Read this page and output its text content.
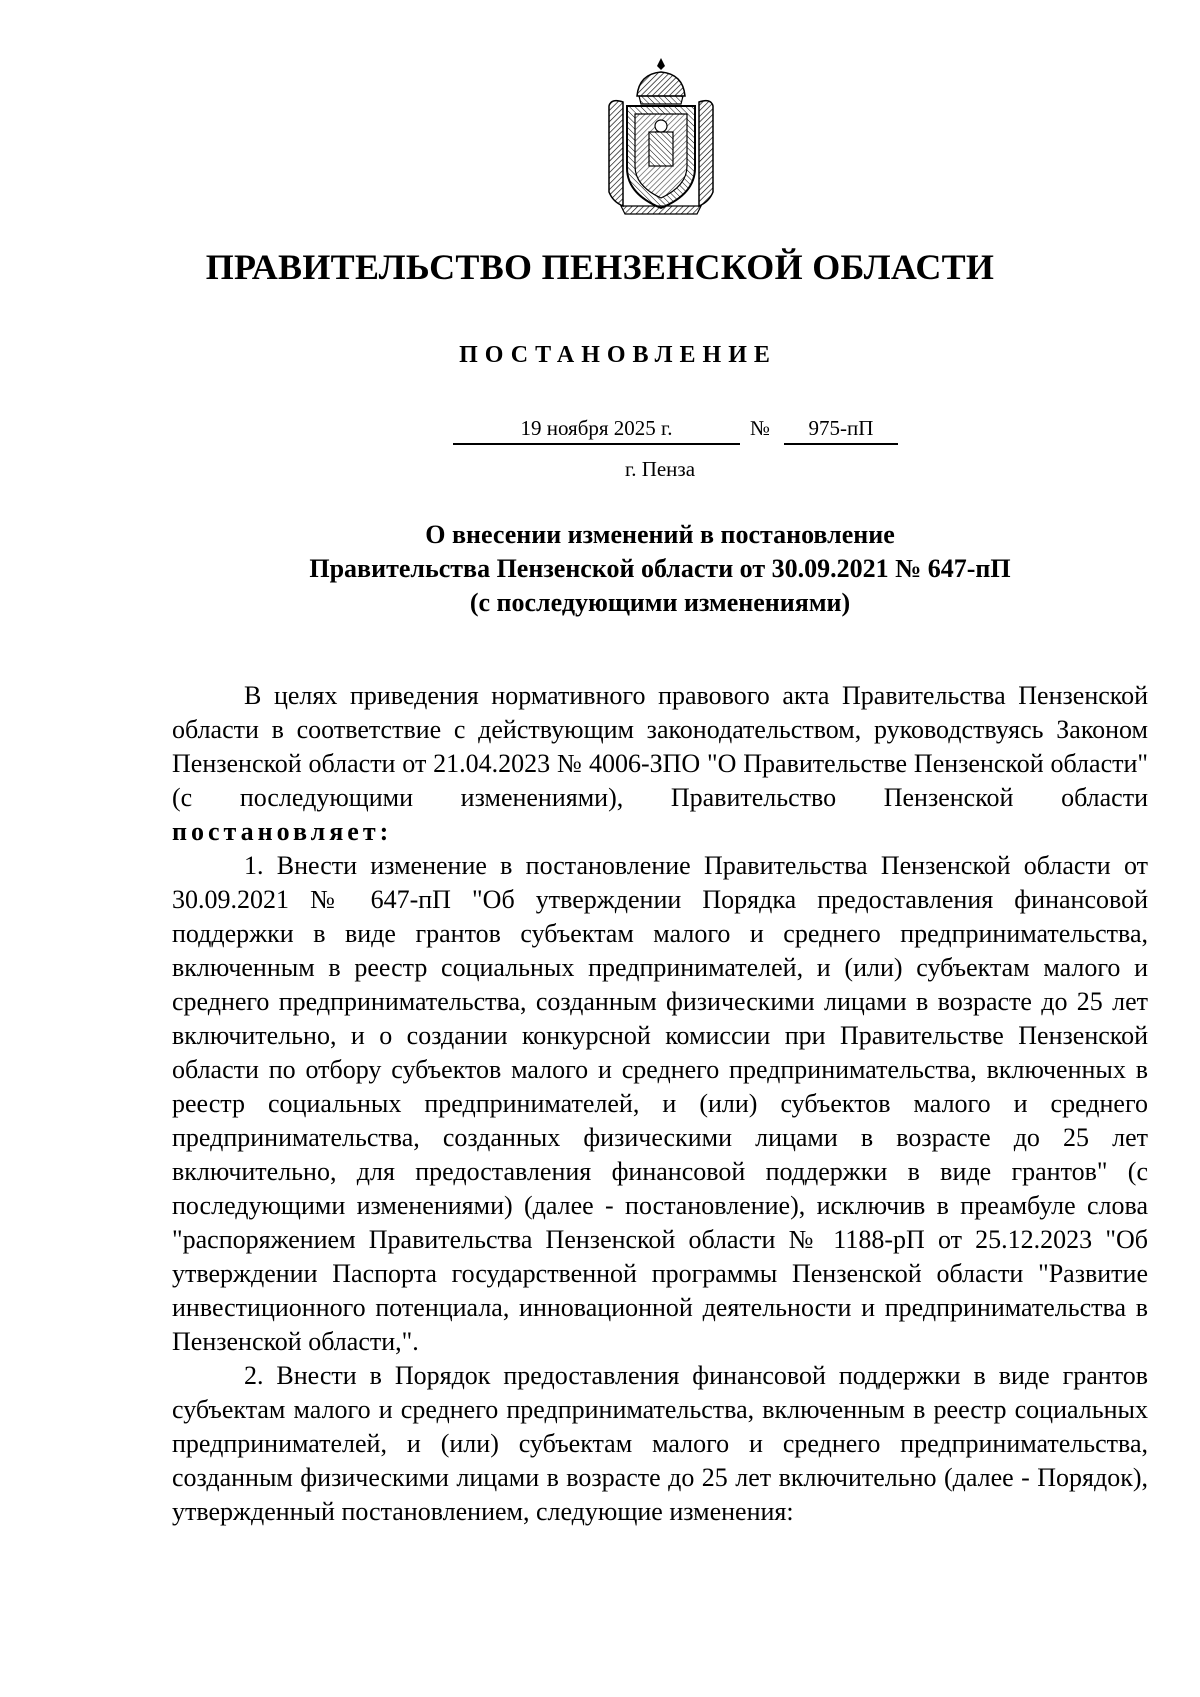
ПРАВИТЕЛЬСТВО ПЕНЗЕНСКОЙ ОБЛАСТИ
ПОСТАНОВЛЕНИЕ
19 ноября 2025 г.	№	975-пП
г. Пенза
О внесении изменений в постановление
Правительства Пензенской области от 30.09.2021 № 647-пП
(с последующими изменениями)

В целях приведения нормативного правового акта Правительства Пензенской области в соответствие с действующим законодательством, руководствуясь Законом Пензенской области от 21.04.2023 № 4006-ЗПО "О Правительстве Пензенской области" (с последующими изменениями), Правительство Пензенской области постановляет:

1. Внести изменение в постановление Правительства Пензенской области от 30.09.2021 № 647-пП "Об утверждении Порядка предоставления финансовой поддержки в виде грантов субъектам малого и среднего предпринимательства, включенным в реестр социальных предпринимателей, и (или) субъектам малого и среднего предпринимательства, созданным физическими лицами в возрасте до 25 лет включительно, и о создании конкурсной комиссии при Правительстве Пензенской области по отбору субъектов малого и среднего предпринимательства, включенных в реестр социальных предпринимателей, и (или) субъектов малого и среднего предпринимательства, созданных физическими лицами в возрасте до 25 лет включительно, для предоставления финансовой поддержки в виде грантов" (с последующими изменениями) (далее - постановление), исключив в преамбуле слова "распоряжением Правительства Пензенской области № 1188-рП от 25.12.2023 "Об утверждении Паспорта государственной программы Пензенской области "Развитие инвестиционного потенциала, инновационной деятельности и предпринимательства в Пензенской области,".

2. Внести в Порядок предоставления финансовой поддержки в виде грантов субъектам малого и среднего предпринимательства, включенным в реестр социальных предпринимателей, и (или) субъектам малого и среднего предпринимательства, созданным физическими лицами в возрасте до 25 лет включительно (далее - Порядок), утвержденный постановлением, следующие изменения:
